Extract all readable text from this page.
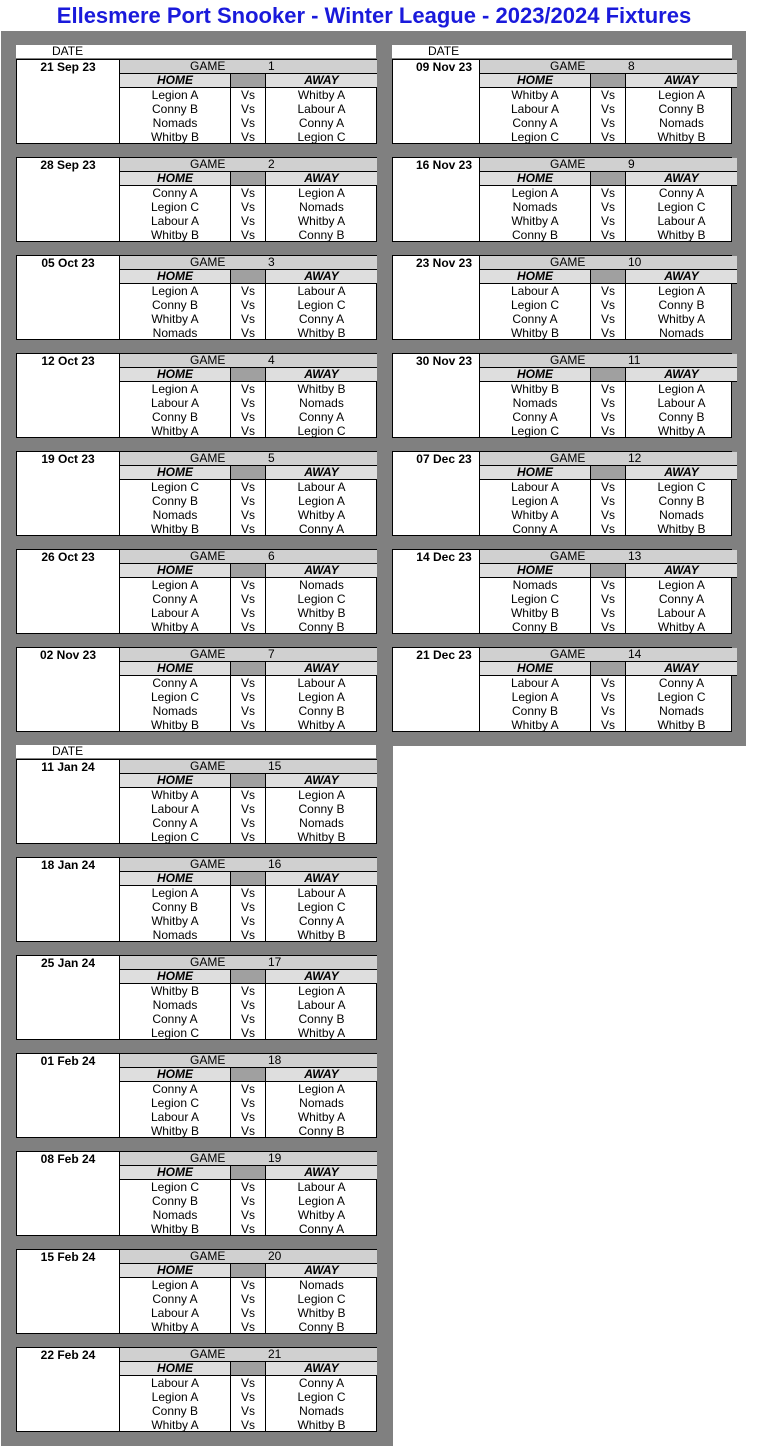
Ellesmere Port Snooker - Winter League - 2023/2024 Fixtures
DATE	DATE
DATE
21 Sep 23	GAME	1
HOME	AWAY
Legion A	Vs	Whitby A
Conny B	Vs	Labour A
Nomads	Vs	Conny A
Whitby B	Vs	Legion C
28 Sep 23	GAME	2
HOME	AWAY
Conny A	Vs	Legion A
Legion C	Vs	Nomads
Labour A	Vs	Whitby A
Whitby B	Vs	Conny B
05 Oct 23	GAME	3
HOME	AWAY
Legion A	Vs	Labour A
Conny B	Vs	Legion C
Whitby A	Vs	Conny A
Nomads	Vs	Whitby B
12 Oct 23	GAME	4
HOME	AWAY
Legion A	Vs	Whitby B
Labour A	Vs	Nomads
Conny B	Vs	Conny A
Whitby A	Vs	Legion C
19 Oct 23	GAME	5
HOME	AWAY
Legion C	Vs	Labour A
Conny B	Vs	Legion A
Nomads	Vs	Whitby A
Whitby B	Vs	Conny A
26 Oct 23	GAME	6
HOME	AWAY
Legion A	Vs	Nomads
Conny A	Vs	Legion C
Labour A	Vs	Whitby B
Whitby A	Vs	Conny B
02 Nov 23	GAME	7
HOME	AWAY
Conny A	Vs	Labour A
Legion C	Vs	Legion A
Nomads	Vs	Conny B
Whitby B	Vs	Whitby A
09 Nov 23	GAME	8
HOME	AWAY
Whitby A	Vs	Legion A
Labour A	Vs	Conny B
Conny A	Vs	Nomads
Legion C	Vs	Whitby B
16 Nov 23	GAME	9
HOME	AWAY
Legion A	Vs	Conny A
Nomads	Vs	Legion C
Whitby A	Vs	Labour A
Conny B	Vs	Whitby B
23 Nov 23	GAME	10
HOME	AWAY
Labour A	Vs	Legion A
Legion C	Vs	Conny B
Conny A	Vs	Whitby A
Whitby B	Vs	Nomads
30 Nov 23	GAME	11
HOME	AWAY
Whitby B	Vs	Legion A
Nomads	Vs	Labour A
Conny A	Vs	Conny B
Legion C	Vs	Whitby A
07 Dec 23	GAME	12
HOME	AWAY
Labour A	Vs	Legion C
Legion A	Vs	Conny B
Whitby A	Vs	Nomads
Conny A	Vs	Whitby B
14 Dec 23	GAME	13
HOME	AWAY
Nomads	Vs	Legion A
Legion C	Vs	Conny A
Whitby B	Vs	Labour A
Conny B	Vs	Whitby A
21 Dec 23	GAME	14
HOME	AWAY
Labour A	Vs	Conny A
Legion A	Vs	Legion C
Conny B	Vs	Nomads
Whitby A	Vs	Whitby B
11 Jan 24	GAME	15
HOME	AWAY
Whitby A	Vs	Legion A
Labour A	Vs	Conny B
Conny A	Vs	Nomads
Legion C	Vs	Whitby B
18 Jan 24	GAME	16
HOME	AWAY
Legion A	Vs	Labour A
Conny B	Vs	Legion C
Whitby A	Vs	Conny A
Nomads	Vs	Whitby B
25 Jan 24	GAME	17
HOME	AWAY
Whitby B	Vs	Legion A
Nomads	Vs	Labour A
Conny A	Vs	Conny B
Legion C	Vs	Whitby A
01 Feb 24	GAME	18
HOME	AWAY
Conny A	Vs	Legion A
Legion C	Vs	Nomads
Labour A	Vs	Whitby A
Whitby B	Vs	Conny B
08 Feb 24	GAME	19
HOME	AWAY
Legion C	Vs	Labour A
Conny B	Vs	Legion A
Nomads	Vs	Whitby A
Whitby B	Vs	Conny A
15 Feb 24	GAME	20
HOME	AWAY
Legion A	Vs	Nomads
Conny A	Vs	Legion C
Labour A	Vs	Whitby B
Whitby A	Vs	Conny B
22 Feb 24	GAME	21
HOME	AWAY
Labour A	Vs	Conny A
Legion A	Vs	Legion C
Conny B	Vs	Nomads
Whitby A	Vs	Whitby B
